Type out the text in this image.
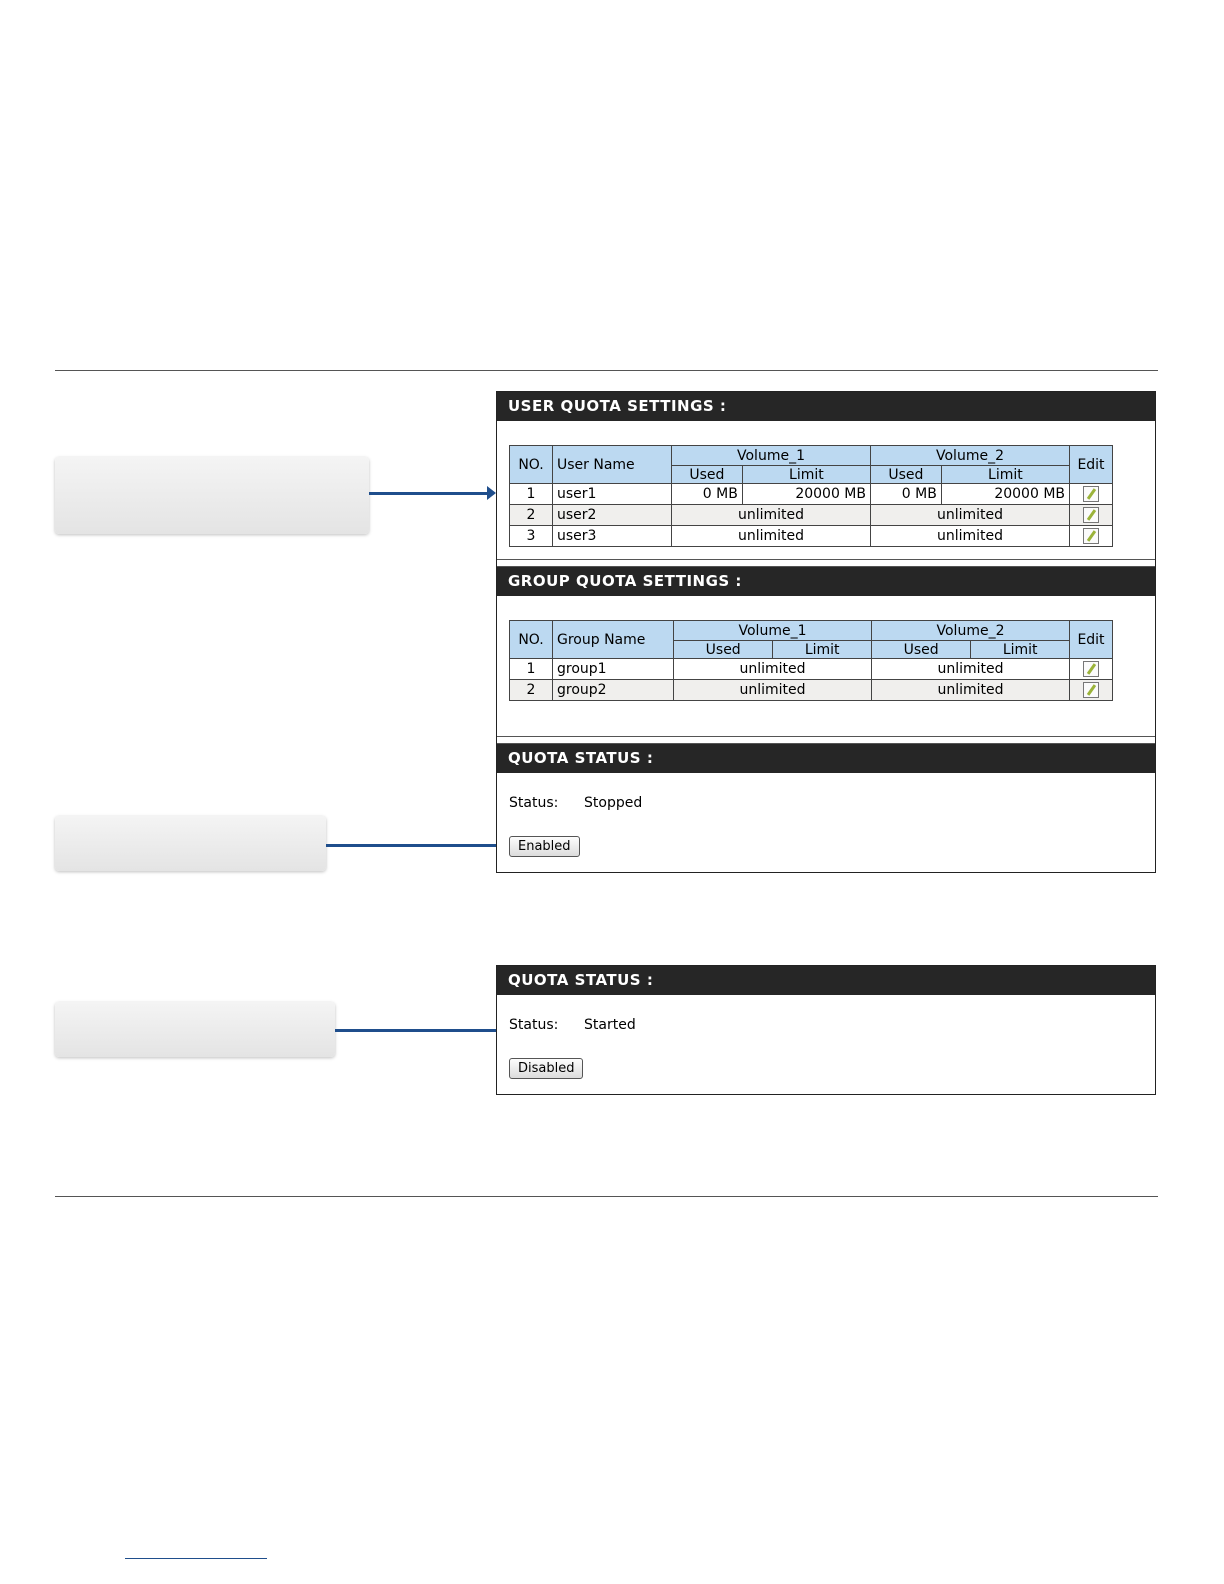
USER QUOTA SETTINGS :
NO.	User Name	Volume_1		Volume_2		Edit
		Used	Limit	Used	Limit	
1	user1	0 MB	20000 MB	0 MB	20000 MB	
2	user2	unlimited		unlimited		
3	user3	unlimited		unlimited		
GROUP QUOTA SETTINGS :
NO.	Group Name	Volume_1		Volume_2		Edit
		Used	Limit	Used	Limit	
1	group1	unlimited		unlimited		
2	group2	unlimited		unlimited		
QUOTA STATUS :
Status: Stopped
Enabled
QUOTA STATUS :
Status: Started
Disabled
